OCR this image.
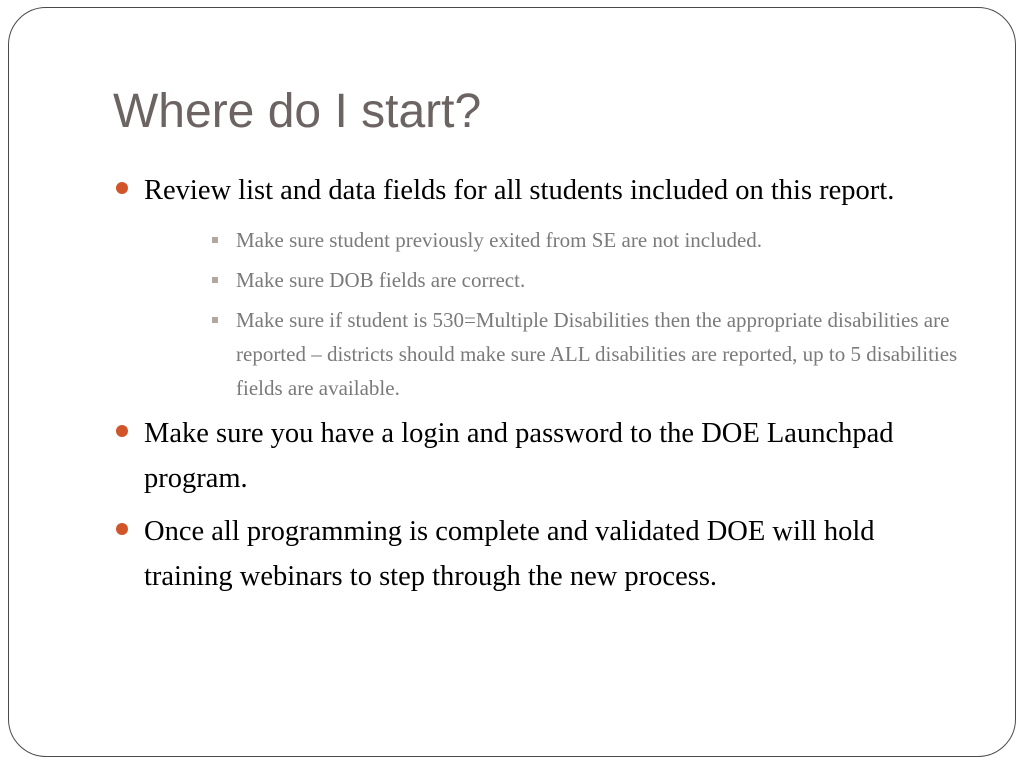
Where do I start?
Review list and data fields for all students included on this report.
Make sure student previously exited from SE are not included.
Make sure DOB fields are correct.
Make sure if student is 530=Multiple Disabilities then the appropriate disabilities are reported – districts should make sure ALL disabilities are reported, up to 5 disabilities fields are available.
Make sure you have a login and password to the DOE Launchpad program.
Once all programming is complete and validated DOE will hold training webinars to step through the new process.
